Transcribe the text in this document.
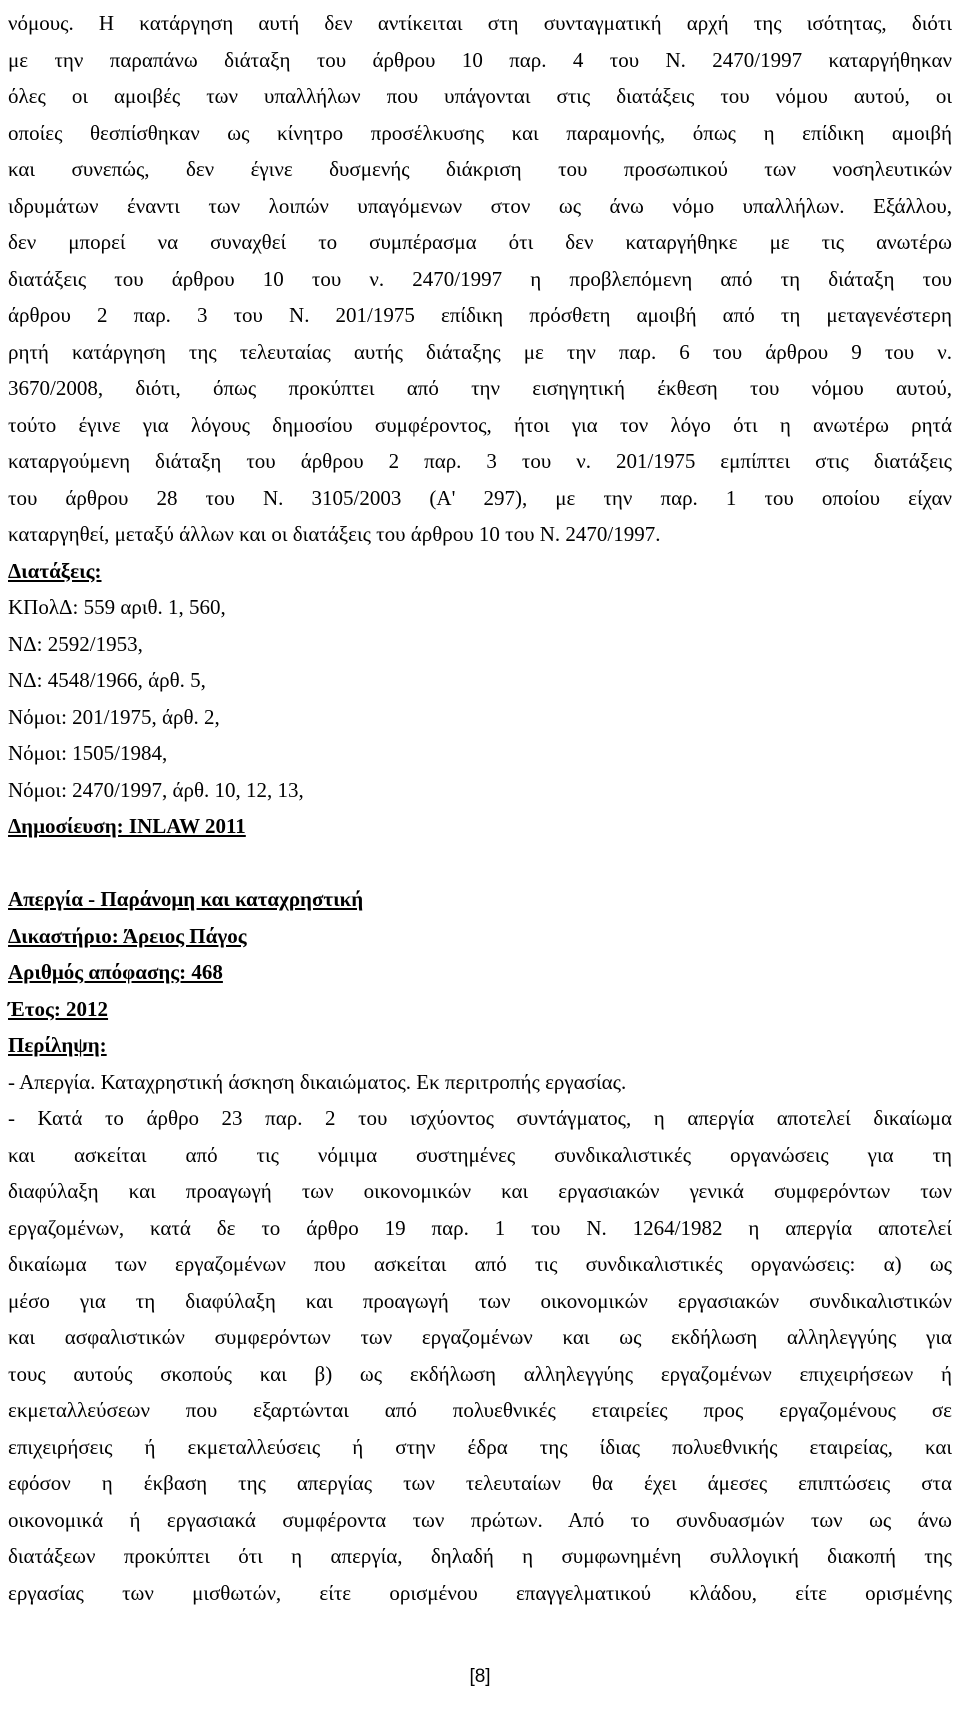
νόμους. Η κατάργηση αυτή δεν αντίκειται στη συνταγματική αρχή της ισότητας, διότι
με την παραπάνω διάταξη του άρθρου 10 παρ. 4 του Ν. 2470/1997 καταργήθηκαν
όλες οι αμοιβές των υπαλλήλων που υπάγονται στις διατάξεις του νόμου αυτού, οι
οποίες θεσπίσθηκαν ως κίνητρο προσέλκυσης και παραμονής, όπως η επίδικη αμοιβή
και συνεπώς, δεν έγινε δυσμενής διάκριση του προσωπικού των νοσηλευτικών
ιδρυμάτων έναντι των λοιπών υπαγόμενων στον ως άνω νόμο υπαλλήλων. Εξάλλου,
δεν μπορεί να συναχθεί το συμπέρασμα ότι δεν καταργήθηκε με τις ανωτέρω
διατάξεις του άρθρου 10 του ν. 2470/1997 η προβλεπόμενη από τη διάταξη του
άρθρου 2 παρ. 3 του Ν. 201/1975 επίδικη πρόσθετη αμοιβή από τη μεταγενέστερη
ρητή κατάργηση της τελευταίας αυτής διάταξης με την παρ. 6 του άρθρου 9 του ν.
3670/2008, διότι, όπως προκύπτει από την εισηγητική έκθεση του νόμου αυτού,
τούτο έγινε για λόγους δημοσίου συμφέροντος, ήτοι για τον λόγο ότι η ανωτέρω ρητά
καταργούμενη διάταξη του άρθρου 2 παρ. 3 του ν. 201/1975 εμπίπτει στις διατάξεις
του άρθρου 28 του Ν. 3105/2003 (Α' 297), με την παρ. 1 του οποίου είχαν
καταργηθεί, μεταξύ άλλων και οι διατάξεις του άρθρου 10 του Ν. 2470/1997.
Διατάξεις:
ΚΠολΔ: 559 αριθ. 1, 560,
ΝΔ: 2592/1953,
ΝΔ: 4548/1966, άρθ. 5,
Νόμοι: 201/1975, άρθ. 2,
Νόμοι: 1505/1984,
Νόμοι: 2470/1997, άρθ. 10, 12, 13,
Δημοσίευση: INLAW 2011
Απεργία - Παράνομη και καταχρηστική
Δικαστήριο: Άρειος Πάγος
Αριθμός απόφασης: 468
Έτος: 2012
Περίληψη:
- Απεργία. Καταχρηστική άσκηση δικαιώματος. Εκ περιτροπής εργασίας.
- Κατά το άρθρο 23 παρ. 2 του ισχύοντος συντάγματος, η απεργία αποτελεί δικαίωμα
και ασκείται από τις νόμιμα συστημένες συνδικαλιστικές οργανώσεις για τη
διαφύλαξη και προαγωγή των οικονομικών και εργασιακών γενικά συμφερόντων των
εργαζομένων, κατά δε το άρθρο 19 παρ. 1 του Ν. 1264/1982 η απεργία αποτελεί
δικαίωμα των εργαζομένων που ασκείται από τις συνδικαλιστικές οργανώσεις: α) ως
μέσο για τη διαφύλαξη και προαγωγή των οικονομικών εργασιακών συνδικαλιστικών
και ασφαλιστικών συμφερόντων των εργαζομένων και ως εκδήλωση αλληλεγγύης για
τους αυτούς σκοπούς και β) ως εκδήλωση αλληλεγγύης εργαζομένων επιχειρήσεων ή
εκμεταλλεύσεων που εξαρτώνται από πολυεθνικές εταιρείες προς εργαζομένους σε
επιχειρήσεις ή εκμεταλλεύσεις ή στην έδρα της ίδιας πολυεθνικής εταιρείας, και
εφόσον η έκβαση της απεργίας των τελευταίων θα έχει άμεσες επιπτώσεις στα
οικονομικά ή εργασιακά συμφέροντα των πρώτων. Από το συνδυασμών των ως άνω
διατάξεων προκύπτει ότι η απεργία, δηλαδή η συμφωνημένη συλλογική διακοπή της
εργασίας των μισθωτών, είτε ορισμένου επαγγελματικού κλάδου, είτε ορισμένης
[8]
